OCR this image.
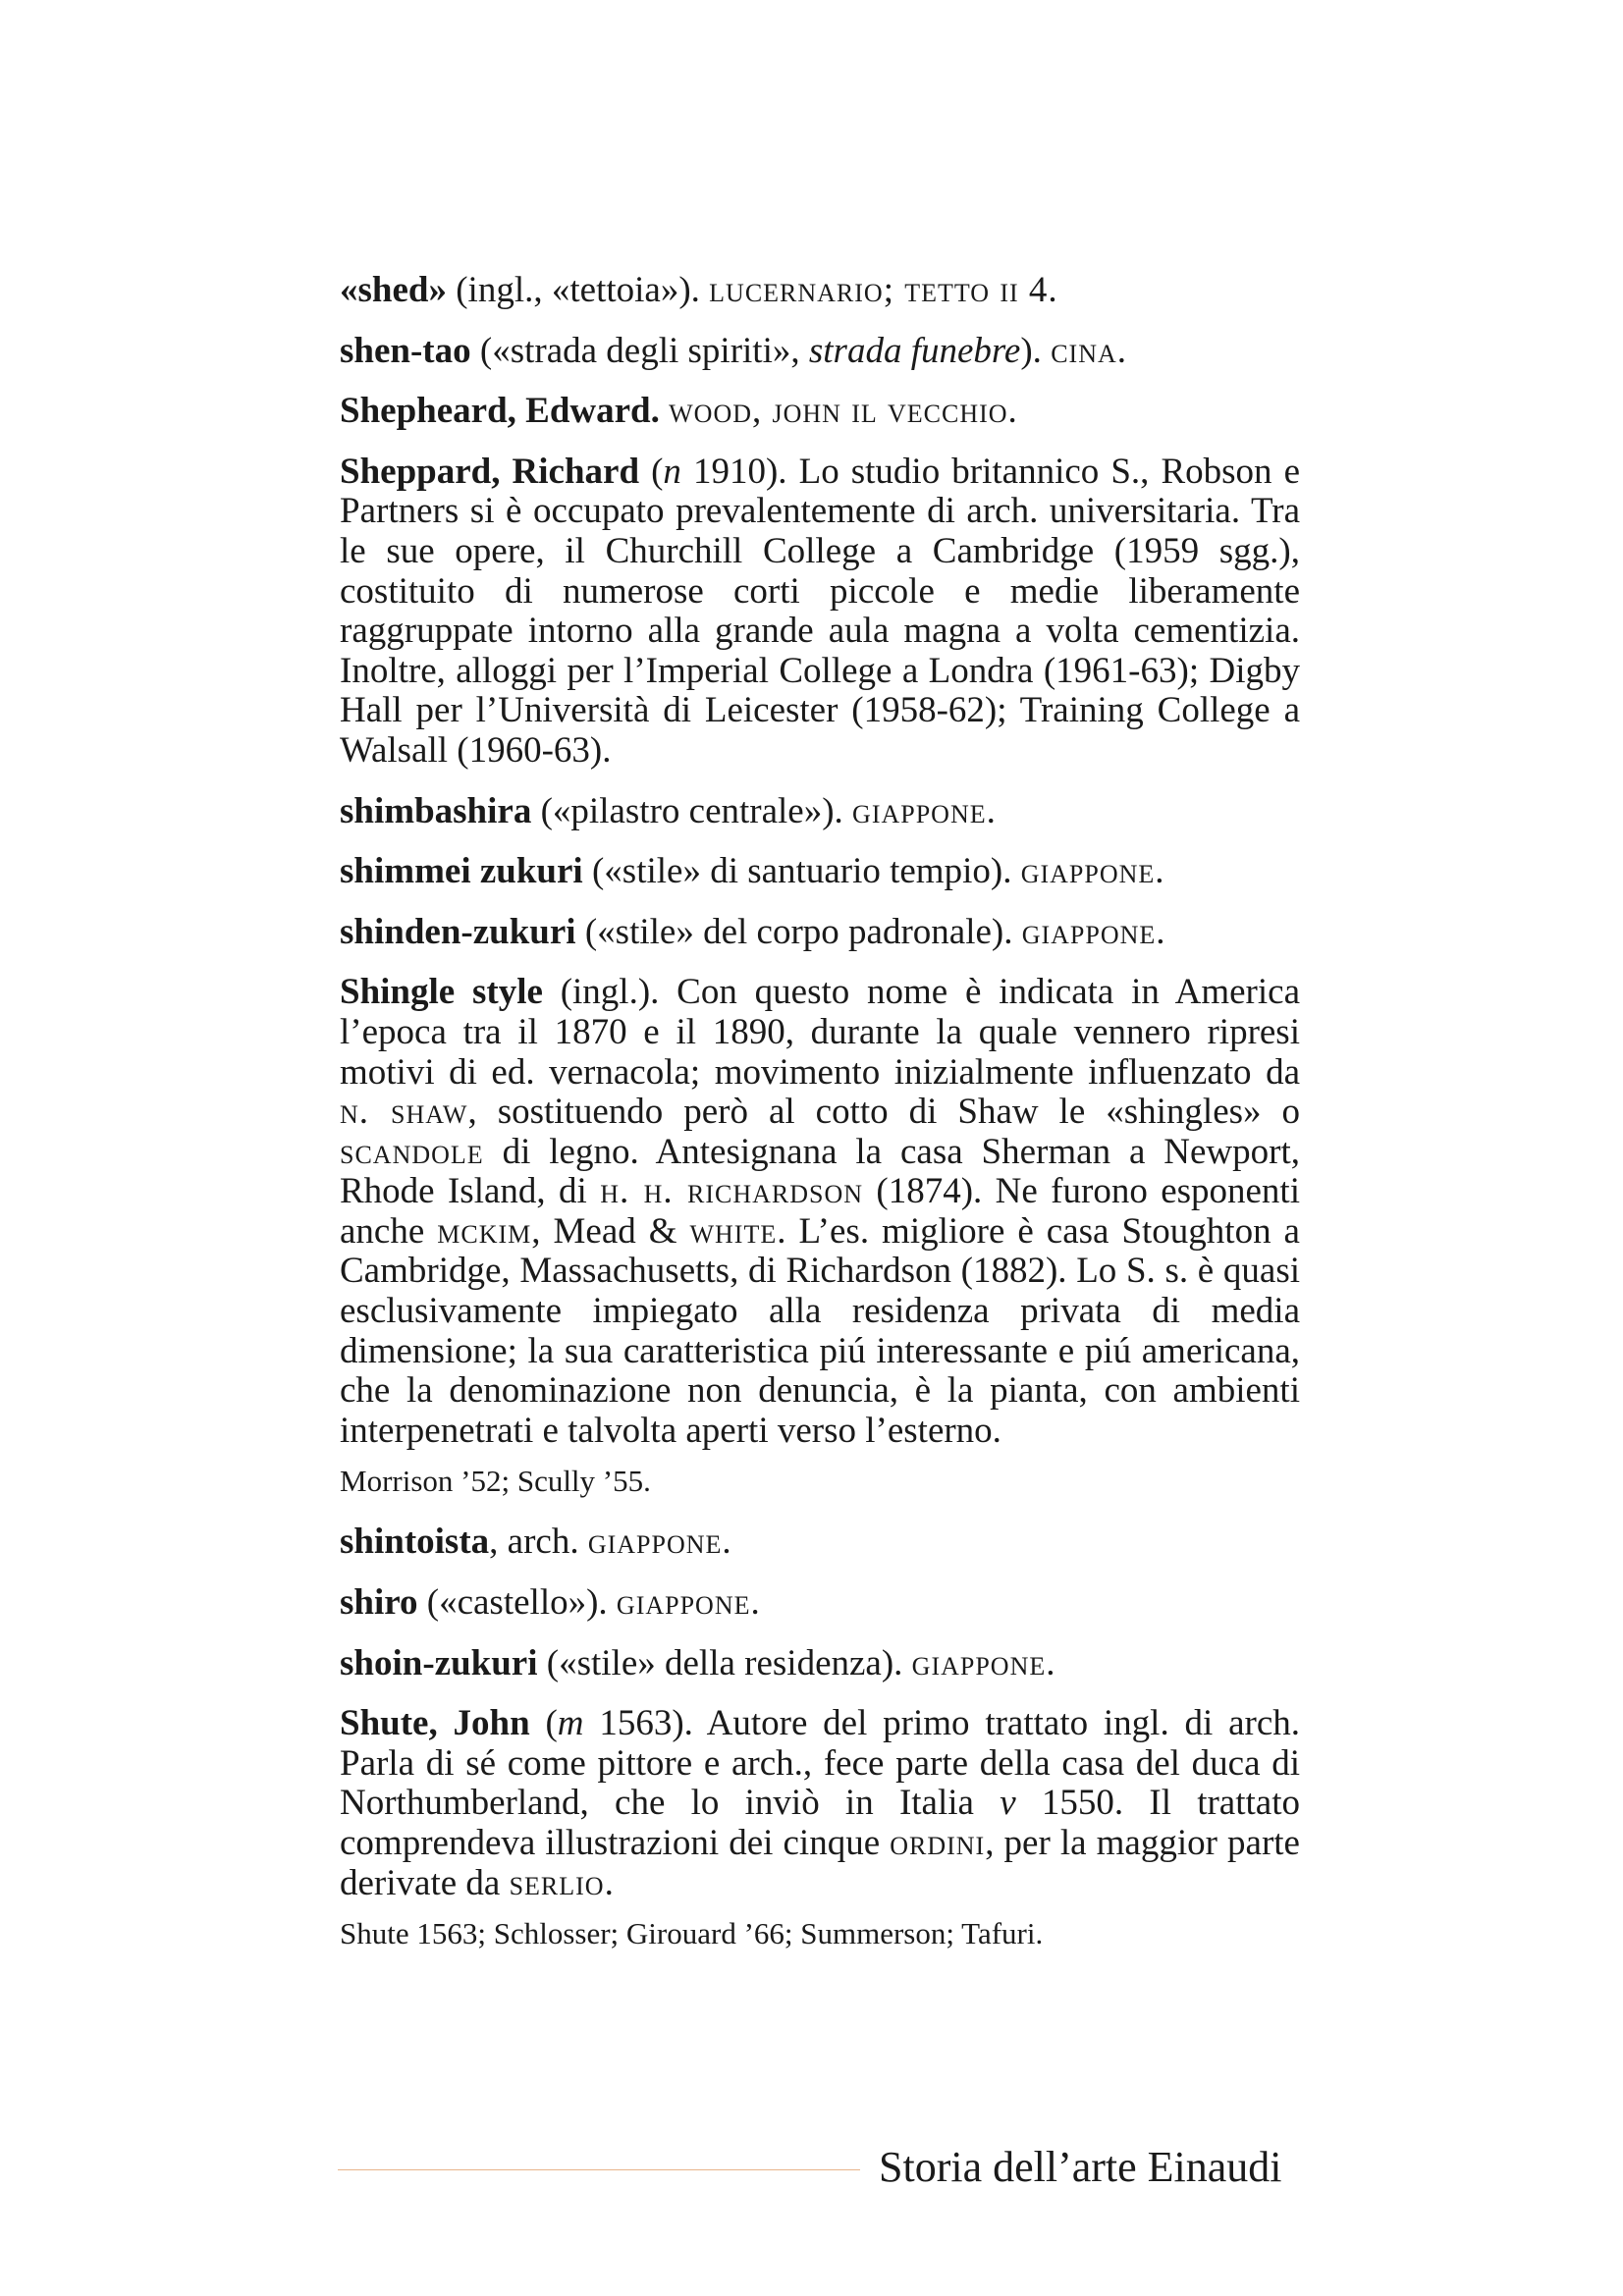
«shed» (ingl., «tettoia»). lucernario; tetto ii 4.

shen-tao («strada degli spiriti», strada funebre). cina.

Shepheard, Edward. wood, john il vecchio.

Sheppard, Richard (n 1910). Lo studio britannico S., Robson e Partners si è occupato prevalentemente di arch. universitaria. Tra le sue opere, il Churchill College a Cambridge (1959 sgg.), costituito di numerose corti piccole e medie liberamente raggruppate intorno alla grande aula magna a volta cementizia. Inoltre, alloggi per l’Imperial College a Londra (1961-63); Digby Hall per l’Università di Leicester (1958-62); Training College a Walsall (1960-63).

shimbashira («pilastro centrale»). giappone.

shimmei zukuri («stile» di santuario tempio). giappone.

shinden-zukuri («stile» del corpo padronale). giappone.

Shingle style (ingl.). Con questo nome è indicata in America l’epoca tra il 1870 e il 1890, durante la quale vennero ripresi motivi di ed. vernacola; movimento inizialmente influenzato da n. shaw, sostituendo però al cotto di Shaw le «shingles» o scandole di legno. Antesignana la casa Sherman a Newport, Rhode Island, di h. h. richardson (1874). Ne furono esponenti anche mckim, Mead & white. L’es. migliore è casa Stoughton a Cambridge, Massachusetts, di Richardson (1882). Lo S. s. è quasi esclusivamente impiegato alla residenza privata di media dimensione; la sua caratteristica piú interessante e piú americana, che la denominazione non denuncia, è la pianta, con ambienti interpenetrati e talvolta aperti verso l’esterno.

Morrison ’52; Scully ’55.

shintoista, arch. giappone.

shiro («castello»). giappone.

shoin-zukuri («stile» della residenza). giappone.

Shute, John (m 1563). Autore del primo trattato ingl. di arch. Parla di sé come pittore e arch., fece parte della casa del duca di Northumberland, che lo inviò in Italia v 1550. Il trattato comprendeva illustrazioni dei cinque ordini, per la maggior parte derivate da serlio.

Shute 1563; Schlosser; Girouard ’66; Summerson; Tafuri.

Storia dell’arte Einaudi
